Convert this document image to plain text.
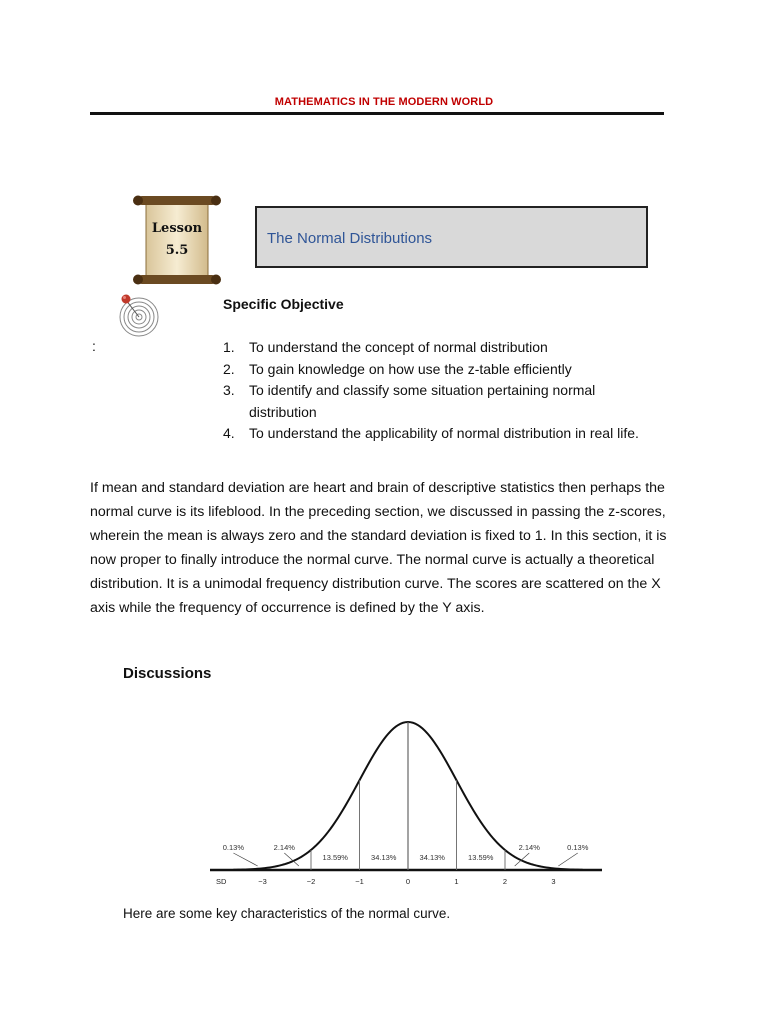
MATHEMATICS IN THE MODERN WORLD
Lesson
5.5
The Normal Distributions
Specific Objective
:	1. To understand the concept of normal distribution
2. To gain knowledge on how use the z-table efficiently
3. To identify and classify some situation pertaining normal distribution
4. To understand the applicability of normal distribution in real life.

If mean and standard deviation are heart and brain of descriptive statistics then perhaps the normal curve is its lifeblood. In the preceding section, we discussed in passing the z-scores, wherein the mean is always zero and the standard deviation is fixed to 1. In this section, it is now proper to finally introduce the normal curve. The normal curve is actually a theoretical distribution. It is a unimodal frequency distribution curve. The scores are scattered on the X axis while the frequency of occurrence is defined by the Y axis.

Discussions
0.13%	2.14%
13.59%	34.13%	34.13%	13.59%
2.14%	0.13%
SD	−3	−2	−1	0	1	2	3
Here are some key characteristics of the normal curve.
